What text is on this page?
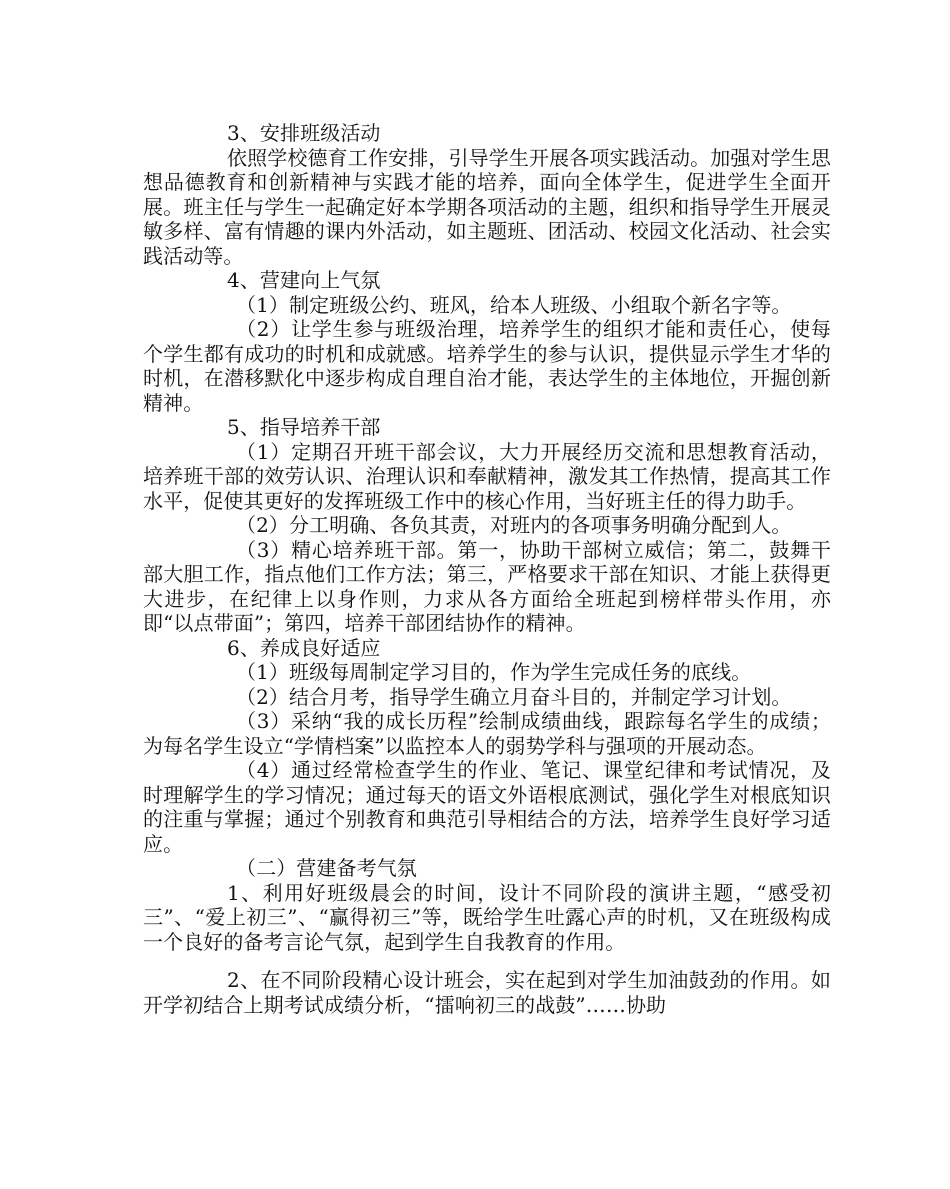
3、安排班级活动

依照学校德育工作安排，引导学生开展各项实践活动。加强对学生思想品德教育和创新精神与实践才能的培养，面向全体学生，促进学生全面开展。班主任与学生一起确定好本学期各项活动的主题，组织和指导学生开展灵敏多样、富有情趣的课内外活动，如主题班、团活动、校园文化活动、社会实践活动等。

4、营建向上气氛

（1）制定班级公约、班风，给本人班级、小组取个新名字等。

（2）让学生参与班级治理，培养学生的组织才能和责任心，使每个学生都有成功的时机和成就感。培养学生的参与认识，提供显示学生才华的时机，在潜移默化中逐步构成自理自治才能，表达学生的主体地位，开掘创新精神。

5、指导培养干部

（1）定期召开班干部会议，大力开展经历交流和思想教育活动，培养班干部的效劳认识、治理认识和奉献精神，激发其工作热情，提高其工作水平，促使其更好的发挥班级工作中的核心作用，当好班主任的得力助手。

（2）分工明确、各负其责，对班内的各项事务明确分配到人。

（3）精心培养班干部。第一，协助干部树立威信；第二，鼓舞干部大胆工作，指点他们工作方法；第三，严格要求干部在知识、才能上获得更大进步，在纪律上以身作则，力求从各方面给全班起到榜样带头作用，亦即“以点带面”；第四，培养干部团结协作的精神。

6、养成良好适应

（1）班级每周制定学习目的，作为学生完成任务的底线。

（2）结合月考，指导学生确立月奋斗目的，并制定学习计划。

（3）采纳“我的成长历程”绘制成绩曲线，跟踪每名学生的成绩；为每名学生设立“学情档案”以监控本人的弱势学科与强项的开展动态。

（4）通过经常检查学生的作业、笔记、课堂纪律和考试情况，及时理解学生的学习情况；通过每天的语文外语根底测试，强化学生对根底知识的注重与掌握；通过个别教育和典范引导相结合的方法，培养学生良好学习适应。

（二）营建备考气氛

1、利用好班级晨会的时间，设计不同阶段的演讲主题，“感受初三”、“爱上初三”、“赢得初三”等，既给学生吐露心声的时机，又在班级构成一个良好的备考言论气氛，起到学生自我教育的作用。

2、在不同阶段精心设计班会，实在起到对学生加油鼓劲的作用。如开学初结合上期考试成绩分析，“擂响初三的战鼓”……协助
